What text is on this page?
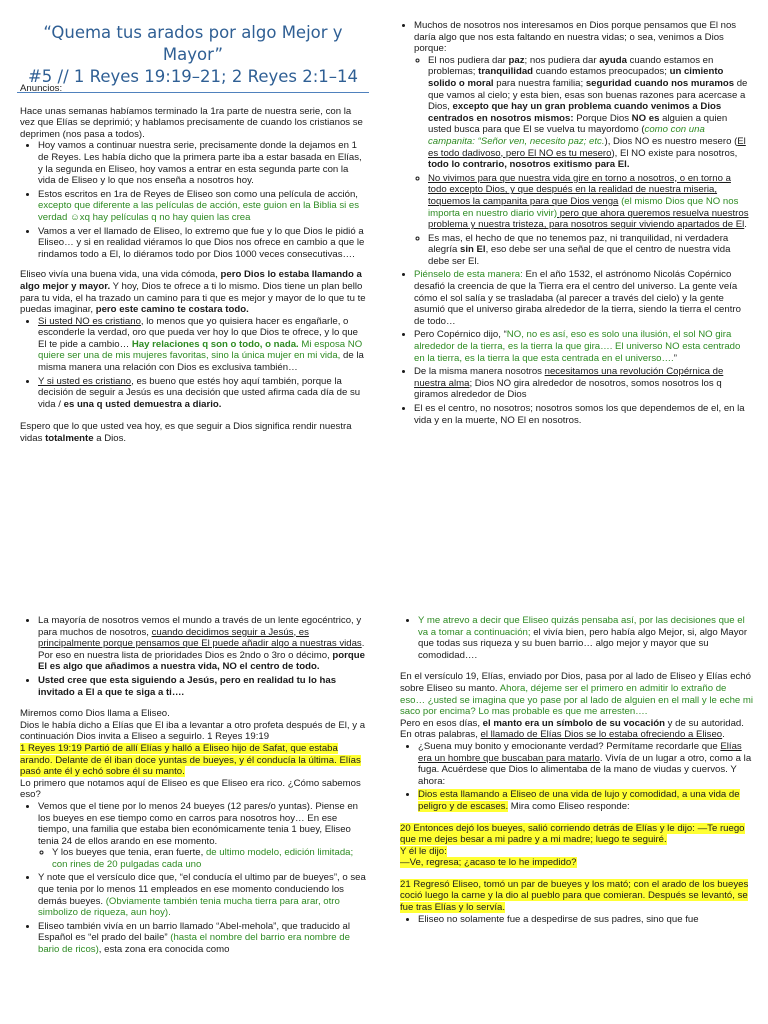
“Quema tus arados por algo Mejor y Mayor”
#5 // 1 Reyes 19:19–21; 2 Reyes 2:1–14

Anuncios:

Hace unas semanas habíamos terminado la 1ra parte de nuestra serie, con la vez que Elías se deprimió; y hablamos precisamente de cuando los cristianos se deprimen (nos pasa a todos).

• Hoy vamos a continuar nuestra serie, precisamente donde la dejamos en 1 de Reyes. Les había dicho que la primera parte iba a estar basada en Elías, y la segunda en Eliseo, hoy vamos a entrar en esta segunda parte con la vida de Eliseo y lo que nos enseña a nosotros hoy.
• Estos escritos en 1ra de Reyes de Eliseo son como una película de acción, excepto que diferente a las películas de acción, este guion en la Biblia si es verdad ☺xq hay películas q no hay quien las crea
• Vamos a ver el llamado de Eliseo, lo extremo que fue y lo que Dios le pidió a Eliseo… y si en realidad viéramos lo que Dios nos ofrece en cambio a que le rindamos todo a El, lo diéramos todo por Dios 1000 veces consecutivas….

Eliseo vivía una buena vida, una vida cómoda, pero Dios lo estaba llamando a algo mejor y mayor. Y hoy, Dios te ofrece a ti lo mismo. Dios tiene un plan bello para tu vida, el ha trazado un camino para ti que es mejor y mayor de lo que tu te puedas imaginar, pero este camino te costara todo.

• Si usted NO es cristiano, lo menos que yo quisiera hacer es engañarle, o esconderle la verdad, oro que pueda ver hoy lo que Dios te ofrece, y lo que El te pide a cambio… Hay relaciones q son o todo, o nada. Mi esposa NO quiere ser una de mis mujeres favoritas, sino la única mujer en mi vida, de la misma manera una relación con Dios es exclusiva también…
• Y si usted es cristiano, es bueno que estés hoy aquí también, porque la decisión de seguir a Jesús es una decisión que usted afirma cada día de su vida / es una q usted demuestra a diario.

Espero que lo que usted vea hoy, es que seguir a Dios significa rendir nuestra vidas totalmente a Dios.

• Muchos de nosotros nos interesamos en Dios porque pensamos que El nos daría algo que nos esta faltando en nuestra vidas; o sea, venimos a Dios porque:
◦ El nos pudiera dar paz; nos pudiera dar ayuda cuando estamos en problemas; tranquilidad cuando estamos preocupados; un cimiento solido o moral para nuestra familia; seguridad cuando nos muramos de que vamos al cielo; y esta bien, esas son buenas razones para acercase a Dios, excepto que hay un gran problema cuando venimos a Dios centrados en nosotros mismos: Porque Dios NO es alguien a quien usted busca para que El se vuelva tu mayordomo (como con una campanita: “Señor ven, necesito paz; etc.), Dios NO es nuestro mesero (El es todo dadivoso, pero El NO es tu mesero), El NO existe para nosotros, todo lo contrario, nosotros exitismo para El.
◦ No vivimos para que nuestra vida gire en torno a nosotros, o en torno a todo excepto Dios, y que después en la realidad de nuestra miseria, toquemos la campanita para que Dios venga (el mismo Dios que NO nos importa en nuestro diario vivir) pero que ahora queremos resuelva nuestros problema y nuestra tristeza, para nosotros seguir viviendo apartados de El.
◦ Es mas, el hecho de que no tenemos paz, ni tranquilidad, ni verdadera alegría sin El, eso debe ser una señal de que el centro de nuestra vida debe ser El.
• Piénselo de esta manera: En el año 1532, el astrónomo Nicolás Copérnico desafió la creencia de que la Tierra era el centro del universo. La gente veía cómo el sol salía y se trasladaba (al parecer a través del cielo) y la gente asumió que el universo giraba alrededor de la tierra, siendo la tierra el centro de todo…
• Pero Copérnico dijo, “NO, no es así, eso es solo una ilusión, el sol NO gira alrededor de la tierra, es la tierra la que gira…. El universo NO esta centrado en la tierra, es la tierra la que esta centrada en el universo….”
• De la misma manera nosotros necesitamos una revolución Copérnica de nuestra alma; Dios NO gira alrededor de nosotros, somos nosotros los q giramos alrededor de Dios
• El es el centro, no nosotros; nosotros somos los que dependemos de el, en la vida y en la muerte, NO El en nosotros.
• La mayoría de nosotros vemos el mundo a través de un lente egocéntrico, y para muchos de nosotros, cuando decidimos seguir a Jesús, es principalmente porque pensamos que El puede añadir algo a nuestras vidas. Por eso en nuestra lista de prioridades Dios es 2ndo o 3ro o décimo, porque El es algo que añadimos a nuestra vida, NO el centro de todo.
• Usted cree que esta siguiendo a Jesús, pero en realidad tu lo has invitado a El a que te siga a ti….

Miremos como Dios llama a Eliseo.

Dios le había dicho a Elías que El iba a levantar a otro profeta después de El, y a continuación Dios invita a Eliseo a seguirlo. 1 Reyes 19:19

1 Reyes 19:19 Partió de allí Elías y halló a Eliseo hijo de Safat, que estaba arando. Delante de él iban doce yuntas de bueyes, y él conducía la última. Elías pasó ante él y echó sobre él su manto.

Lo primero que notamos aquí de Eliseo es que Eliseo era rico. ¿Cómo sabemos eso?

• Vemos que el tiene por lo menos 24 bueyes (12 pares/o yuntas). Piense en los bueyes en ese tiempo como en carros para nosotros hoy… En ese tiempo, una familia que estaba bien económicamente tenia 1 buey, Eliseo tenia 24 de ellos arando en ese momento.
◦ Y los bueyes que tenia, eran fuerte, de ultimo modelo, edición limitada; con rines de 20 pulgadas cada uno
• Y note que el versículo dice que, “el conducía el ultimo par de bueyes”, o sea que tenia por lo menos 11 empleados en ese momento conduciendo los demás bueyes. (Obviamente también tenia mucha tierra para arar, otro simbolizo de riqueza, aun hoy).
• Eliseo también vivía en un barrio llamado “Abel-mehola”, que traducido al Español es “el prado del baile” (hasta el nombre del barrio era nombre de bario de ricos), esta zona era conocida como
• Y me atrevo a decir que Eliseo quizás pensaba así, por las decisiones que el va a tomar a continuación; el vivía bien, pero había algo Mejor, si, algo Mayor que todas sus riqueza y su buen barrio… algo mejor y mayor que su comodidad….

En el versículo 19, Elías, enviado por Dios, pasa por al lado de Eliseo y Elías echó sobre Eliseo su manto. Ahora, déjeme ser el primero en admitir lo extraño de eso… ¿usted se imagina que yo pase por al lado de alguien en el mall y le eche mi saco por encima? Lo mas probable es que me arresten….

Pero en esos días, el manto era un símbolo de su vocación y de su autoridad. En otras palabras, el llamado de Elías Dios se lo estaba ofreciendo a Eliseo.

• ¿Suena muy bonito y emocionante verdad? Permítame recordarle que Elías era un hombre que buscaban para matarlo. Vivía de un lugar a otro, como a la fuga. Acuérdese que Dios lo alimentaba de la mano de viudas y cuervos. Y ahora:
• Dios esta llamando a Eliseo de una vida de lujo y comodidad, a una vida de peligro y de escases. Mira como Eliseo responde:

20 Entonces dejó los bueyes, salió corriendo detrás de Elías y le dijo: —Te ruego que me dejes besar a mi padre y a mi madre; luego te seguiré.
Y él le dijo:
—Ve, regresa; ¿acaso te lo he impedido?

21 Regresó Eliseo, tomó un par de bueyes y los mató; con el arado de los bueyes coció luego la carne y la dio al pueblo para que comieran. Después se levantó, se fue tras Elías y lo servía.

• Eliseo no solamente fue a despedirse de sus padres, sino que fue
